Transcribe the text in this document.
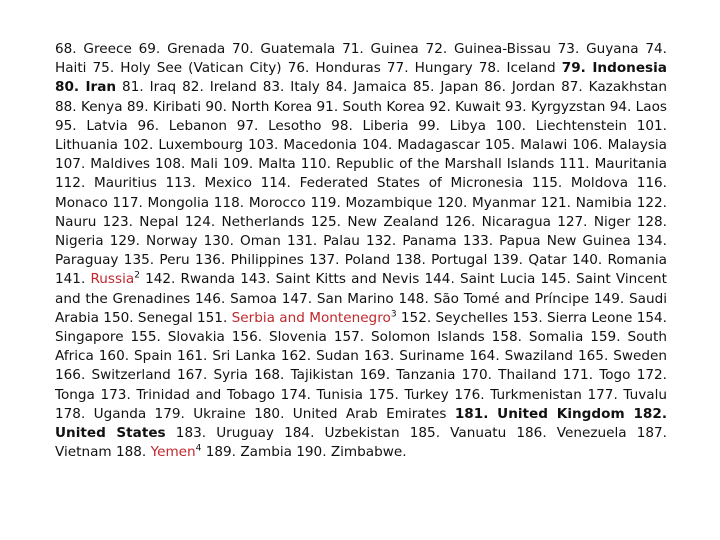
68. Greece 69. Grenada 70. Guatemala 71. Guinea 72. Guinea-Bissau 73. Guyana 74. Haiti 75. Holy See (Vatican City) 76. Honduras 77. Hungary 78. Iceland 79. Indonesia 80. Iran 81. Iraq 82. Ireland 83. Italy 84. Jamaica 85. Japan 86. Jordan 87. Kazakhstan 88. Kenya 89. Kiribati 90. North Korea 91. South Korea 92. Kuwait 93. Kyrgyzstan 94. Laos 95. Latvia 96. Lebanon 97. Lesotho 98. Liberia 99. Libya 100. Liechtenstein 101. Lithuania 102. Luxembourg 103. Macedonia 104. Madagascar 105. Malawi 106. Malaysia 107. Maldives 108. Mali 109. Malta 110. Republic of the Marshall Islands 111. Mauritania 112. Mauritius 113. Mexico 114. Federated States of Micronesia 115. Moldova 116. Monaco 117. Mongolia 118. Morocco 119. Mozambique 120. Myanmar 121. Namibia 122. Nauru 123. Nepal 124. Netherlands 125. New Zealand 126. Nicaragua 127. Niger 128. Nigeria 129. Norway 130. Oman 131. Palau 132. Panama 133. Papua New Guinea 134. Paraguay 135. Peru 136. Philippines 137. Poland 138. Portugal 139. Qatar 140. Romania 141. Russia$^2$ 142. Rwanda 143. Saint Kitts and Nevis 144. Saint Lucia 145. Saint Vincent and the Grenadines 146. Samoa 147. San Marino 148. São Tomé and Príncipe 149. Saudi Arabia 150. Senegal 151. Serbia and Montenegro$^3$ 152. Seychelles 153. Sierra Leone 154. Singapore 155. Slovakia 156. Slovenia 157. Solomon Islands 158. Somalia 159. South Africa 160. Spain 161. Sri Lanka 162. Sudan 163. Suriname 164. Swaziland 165. Sweden 166. Switzerland 167. Syria 168. Tajikistan 169. Tanzania 170. Thailand 171. Togo 172. Tonga 173. Trinidad and Tobago 174. Tunisia 175. Turkey 176. Turkmenistan 177. Tuvalu 178. Uganda 179. Ukraine 180. United Arab Emirates 181. United Kingdom 182. United States 183. Uruguay 184. Uzbekistan 185. Vanuatu 186. Venezuela 187. Vietnam 188. Yemen$^4$ 189. Zambia 190. Zimbabwe.
